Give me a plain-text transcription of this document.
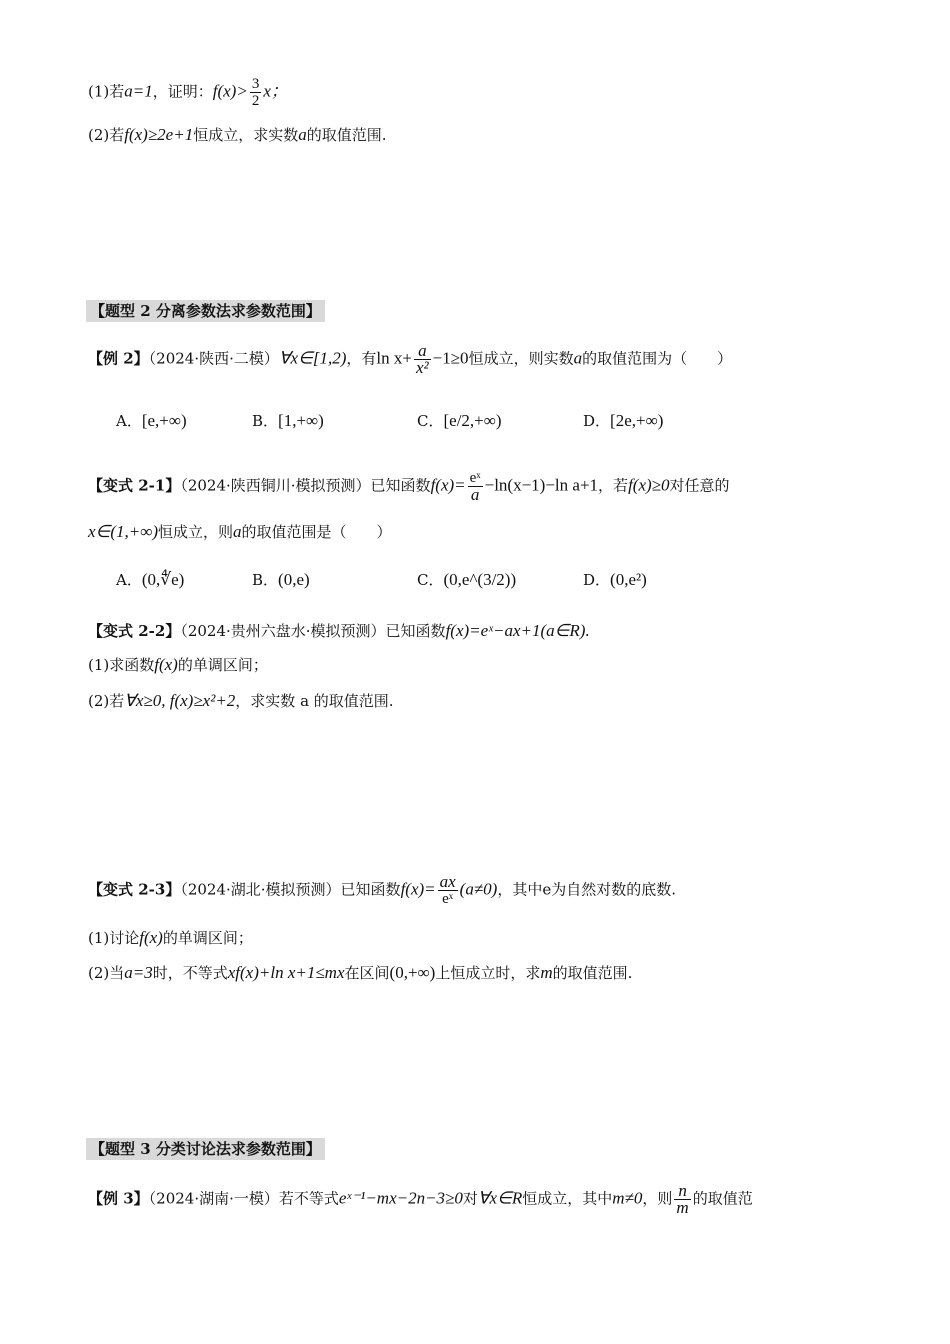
(1)若a=1，证明：$f(x)> \frac{3}{2}$ x；
(2)若f(x)≥2e+1恒成立，求实数a的取值范围.
【题型 2 分离参数法求参数范围】
【例 2】（2024·陕西·二模）∀x∈[1,2)，有$\ln x+ \frac{a}{\text{x²}} -1\ge 0$恒成立，则实数a的取值范围为（　　）
A．[e,+∞)	B．[1,+∞)	C．[e/2,+∞)	D．[2e,+∞)
【变式 2-1】（2024·陕西铜川·模拟预测）已知函数$f(x)= \frac{\text{eˣ}}{a} -\ln(x-1)-\ln$ a+1，若f(x)≥0对任意的
x∈(1,+∞)恒成立，则a的取值范围是（　　）
A．(0,∜e)	B．(0,e)	C．(0,e^(3/2))	D．(0,e²)
【变式 2-2】（2024·贵州六盘水·模拟预测）已知函数f(x)=eˣ−ax+1(a∈R).
(1)求函数f(x)的单调区间；
(2)若∀x≥0, f(x)≥x²+2，求实数 a 的取值范围.
【变式 2-3】（2024·湖北·模拟预测）已知函数$f(x)= \frac{ax}{\text{eˣ}} (a\ne 0)$，其中e为自然对数的底数.
(1)讨论f(x)的单调区间；
(2)当a=3时，不等式xf(x)+ln x+1≤mx在区间(0,+∞)上恒成立时，求m的取值范围.
【题型 3 分类讨论法求参数范围】
【例 3】（2024·湖南·一模）若不等式eˣ⁻¹−mx−2n−3≥0对∀x∈R恒成立，其中m≠0，则 $\frac{n}{m}$ 的取值范
